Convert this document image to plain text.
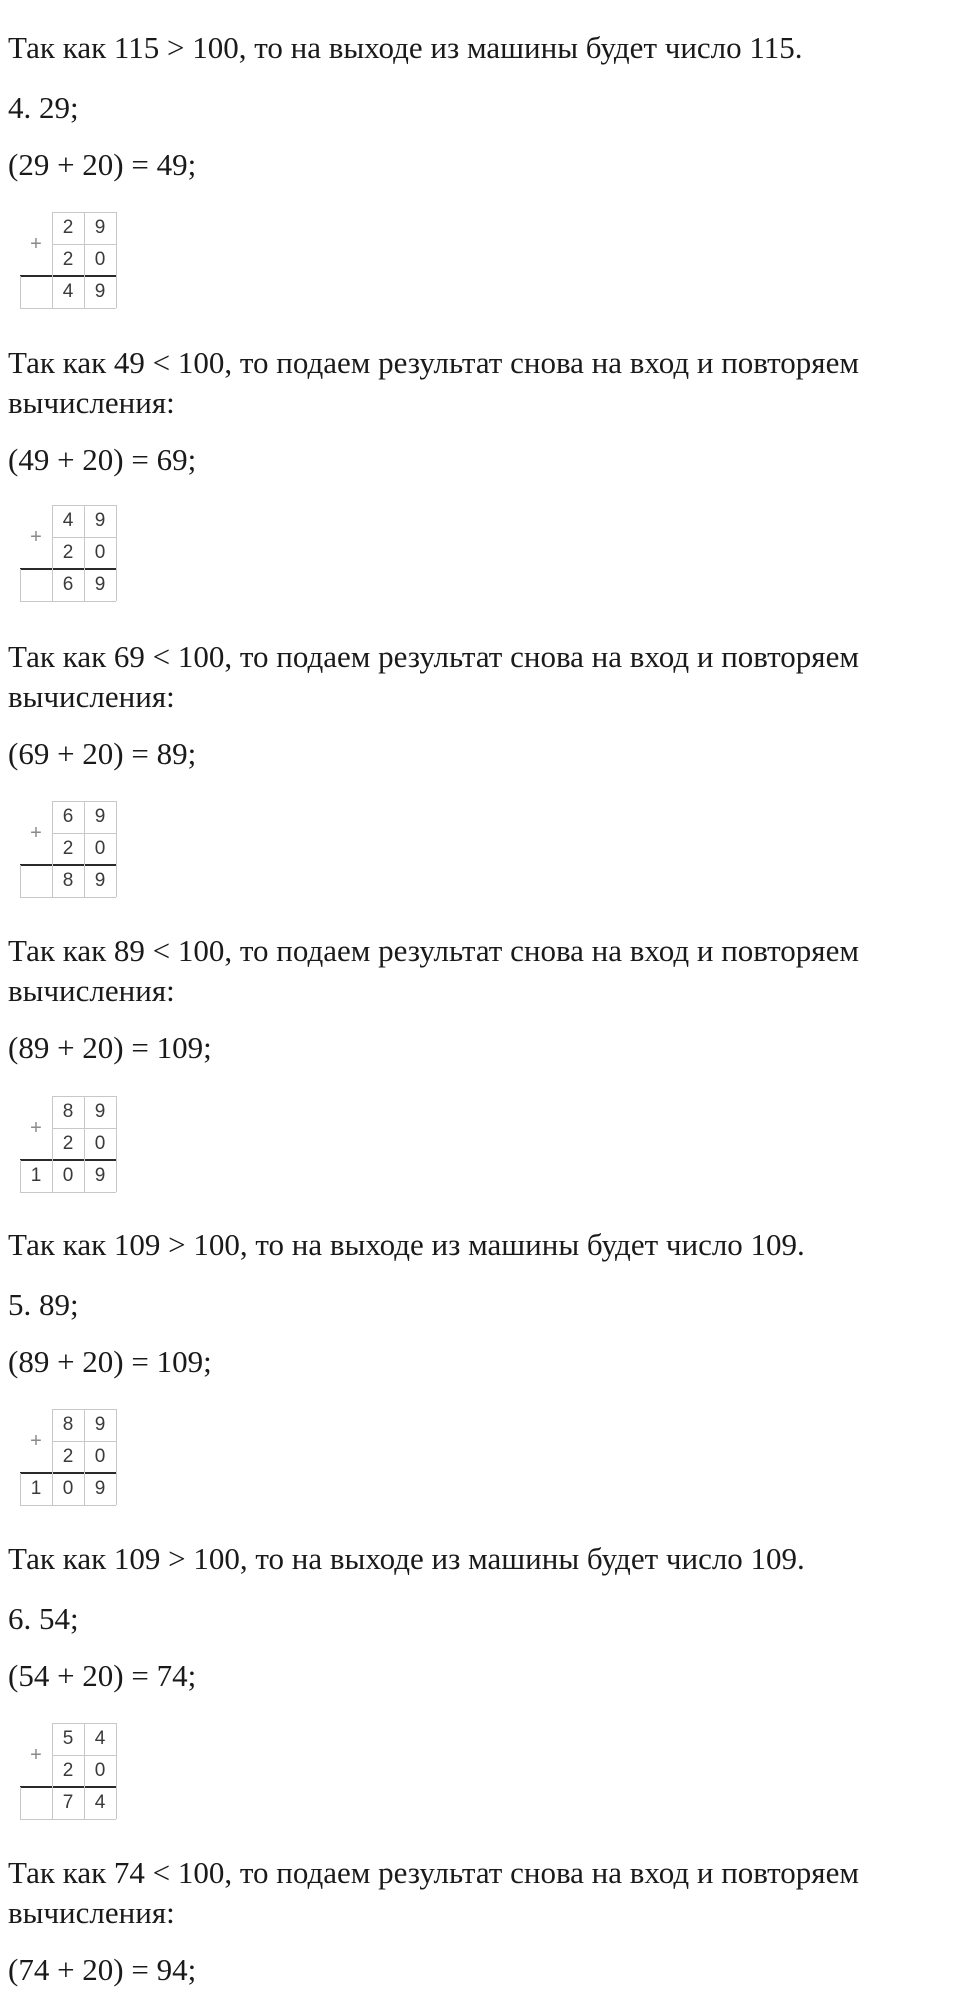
Так как 115 > 100, то на выходе из машины будет число 115.
4. 29;
(29 + 20) = 49;
Так как 49 < 100, то подаем результат снова на вход и повторяем
вычисления:
(49 + 20) = 69;
Так как 69 < 100, то подаем результат снова на вход и повторяем
вычисления:
(69 + 20) = 89;
Так как 89 < 100, то подаем результат снова на вход и повторяем
вычисления:
(89 + 20) = 109;
Так как 109 > 100, то на выходе из машины будет число 109.
5. 89;
(89 + 20) = 109;
Так как 109 > 100, то на выходе из машины будет число 109.
6. 54;
(54 + 20) = 74;
Так как 74 < 100, то подаем результат снова на вход и повторяем
вычисления:
(74 + 20) = 94;
+
2	9
2	0
4	9
+
4	9
2	0
6	9
+
6	9
2	0
8	9
+
8	9
2	0
1	0	9
+
8	9
2	0
1	0	9
+
5	4
2	0
7	4
